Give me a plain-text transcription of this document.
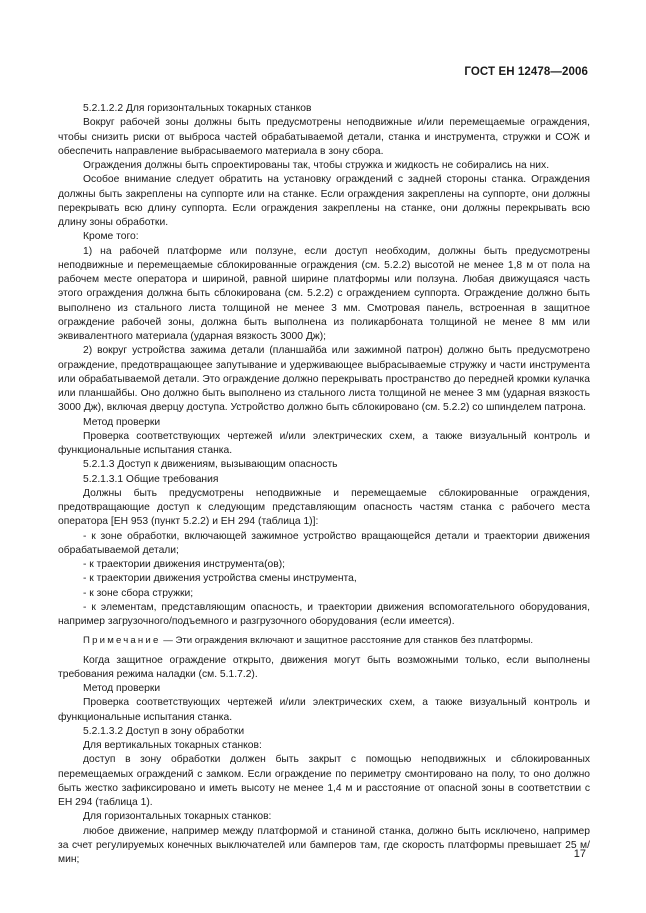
ГОСТ ЕН 12478—2006

5.2.1.2.2 Для горизонтальных токарных станков

Вокруг рабочей зоны должны быть предусмотрены неподвижные и/или перемещаемые ограждения, чтобы снизить риски от выброса частей обрабатываемой детали, станка и инструмента, стружки и СОЖ и обеспечить направление выбрасываемого материала в зону сбора.

Ограждения должны быть спроектированы так, чтобы стружка и жидкость не собирались на них.

Особое внимание следует обратить на установку ограждений с задней стороны станка. Ограждения должны быть закреплены на суппорте или на станке. Если ограждения закреплены на суппорте, они должны перекрывать всю длину суппорта. Если ограждения закреплены на станке, они должны перекрывать всю длину зоны обработки.

Кроме того:

1) на рабочей платформе или ползуне, если доступ необходим, должны быть предусмотрены неподвижные и перемещаемые сблокированные ограждения (см. 5.2.2) высотой не менее 1,8 м от пола на рабочем месте оператора и шириной, равной ширине платформы или ползуна. Любая движущаяся часть этого ограждения должна быть сблокирована (см. 5.2.2) с ограждением суппорта. Ограждение должно быть выполнено из стального листа толщиной не менее 3 мм. Смотровая панель, встроенная в защитное ограждение рабочей зоны, должна быть выполнена из поликарбоната толщиной не менее 8 мм или эквивалентного материала (ударная вязкость 3000 Дж);

2) вокруг устройства зажима детали (планшайба или зажимной патрон) должно быть предусмотрено ограждение, предотвращающее запутывание и удерживающее выбрасываемые стружку и части инструмента или обрабатываемой детали. Это ограждение должно перекрывать пространство до передней кромки кулачка или планшайбы. Оно должно быть выполнено из стального листа толщиной не менее 3 мм (ударная вязкость 3000 Дж), включая дверцу доступа. Устройство должно быть сблокировано (см. 5.2.2) со шпинделем патрона.

Метод проверки

Проверка соответствующих чертежей и/или электрических схем, а также визуальный контроль и функциональные испытания станка.

5.2.1.3 Доступ к движениям, вызывающим опасность

5.2.1.3.1 Общие требования

Должны быть предусмотрены неподвижные и перемещаемые сблокированные ограждения, предотвращающие доступ к следующим представляющим опасность частям станка с рабочего места оператора [ЕН 953 (пункт 5.2.2) и ЕН 294 (таблица 1)]:

- к зоне обработки, включающей зажимное устройство вращающейся детали и траектории движения обрабатываемой детали;

- к траектории движения инструмента(ов);

- к траектории движения устройства смены инструмента,

- к зоне сбора стружки;

- к элементам, представляющим опасность, и траектории движения вспомогательного оборудования, например загрузочного/подъемного и разгрузочного оборудования (если имеется).

Примечание — Эти ограждения включают и защитное расстояние для станков без платформы.

Когда защитное ограждение открыто, движения могут быть возможными только, если выполнены требования режима наладки (см. 5.1.7.2).

Метод проверки

Проверка соответствующих чертежей и/или электрических схем, а также визуальный контроль и функциональные испытания станка.

5.2.1.3.2 Доступ в зону обработки

Для вертикальных токарных станков:

доступ в зону обработки должен быть закрыт с помощью неподвижных и сблокированных перемещаемых ограждений с замком. Если ограждение по периметру смонтировано на полу, то оно должно быть жестко зафиксировано и иметь высоту не менее 1,4 м и расстояние от опасной зоны в соответствии с ЕН 294 (таблица 1).

Для горизонтальных токарных станков:

любое движение, например между платформой и станиной станка, должно быть исключено, например за счет регулируемых конечных выключателей или бамперов там, где скорость платформы превышает 25 м/мин;	17
